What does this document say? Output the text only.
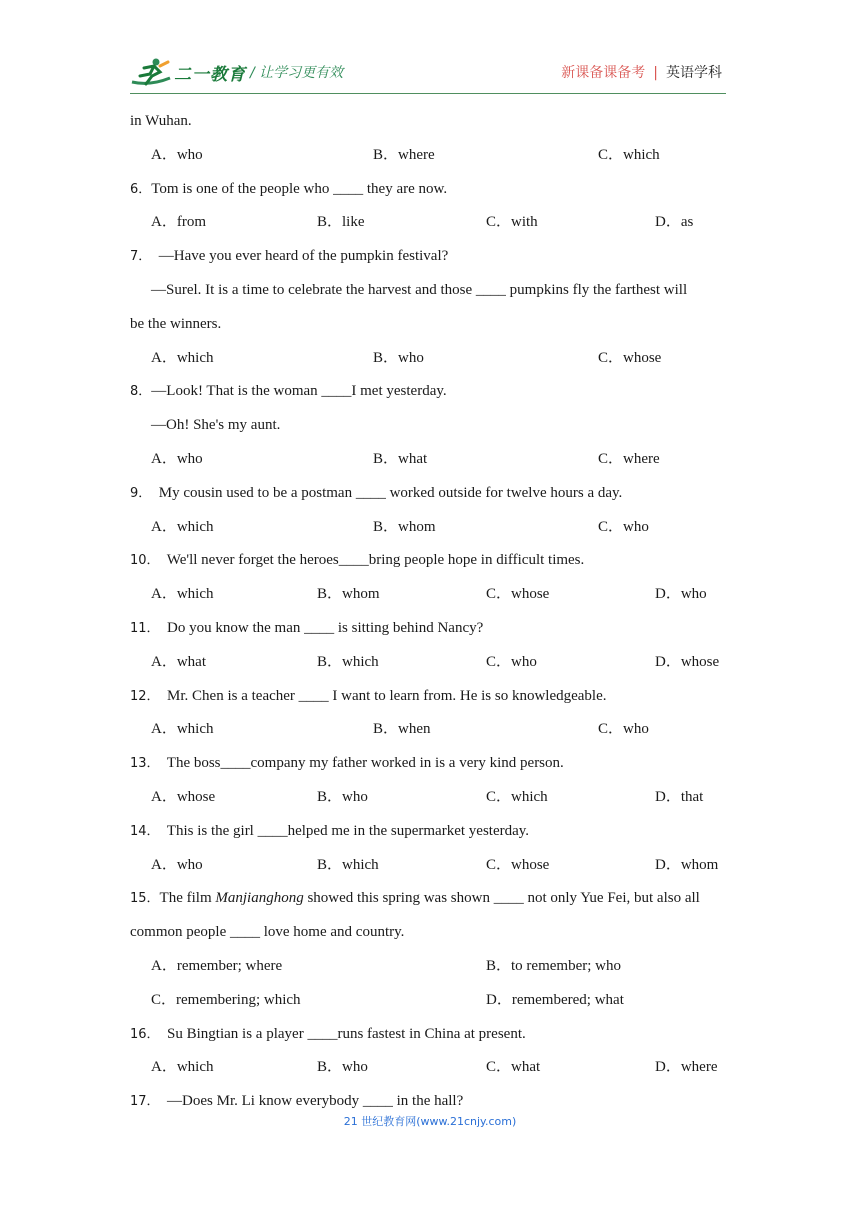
二一教育 / 让学习更有效	新课备课备考 | 英语学科
in Wuhan.
A．who	B．where	C．which
6．Tom is one of the people who ____ they are now.
A．from	B．like	C．with	D．as
7．  —Have you ever heard of the pumpkin festival?
—Surel. It is a time to celebrate the harvest and those ____ pumpkins fly the farthest will
be the winners.
A．which	B．who	C．whose
8．—Look! That is the woman ____I met yesterday.
—Oh! She's my aunt.
A．who	B．what	C．where
9．  My cousin used to be a postman ____ worked outside for twelve hours a day.
A．which	B．whom	C．who
10．  We'll never forget the heroes____bring people hope in difficult times.
A．which	B．whom	C．whose	D．who
11．  Do you know the man ____ is sitting behind Nancy?
A．what	B．which	C．who	D．whose
12．  Mr. Chen is a teacher ____ I want to learn from. He is so knowledgeable.
A．which	B．when	C．who
13．  The boss____company my father worked in is a very kind person.
A．whose	B．who	C．which	D．that
14．  This is the girl ____helped me in the supermarket yesterday.
A．who	B．which	C．whose	D．whom
15．The film Manjianghong showed this spring was shown ____ not only Yue Fei, but also all
common people ____ love home and country.
A．remember; where	B．to remember; who
C．remembering; which	D．remembered; what
16．  Su Bingtian is a player ____runs fastest in China at present.
A．which	B．who	C．what	D．where
17．  —Does Mr. Li know everybody ____ in the hall?
21 世纪教育网(www.21cnjy.com)
